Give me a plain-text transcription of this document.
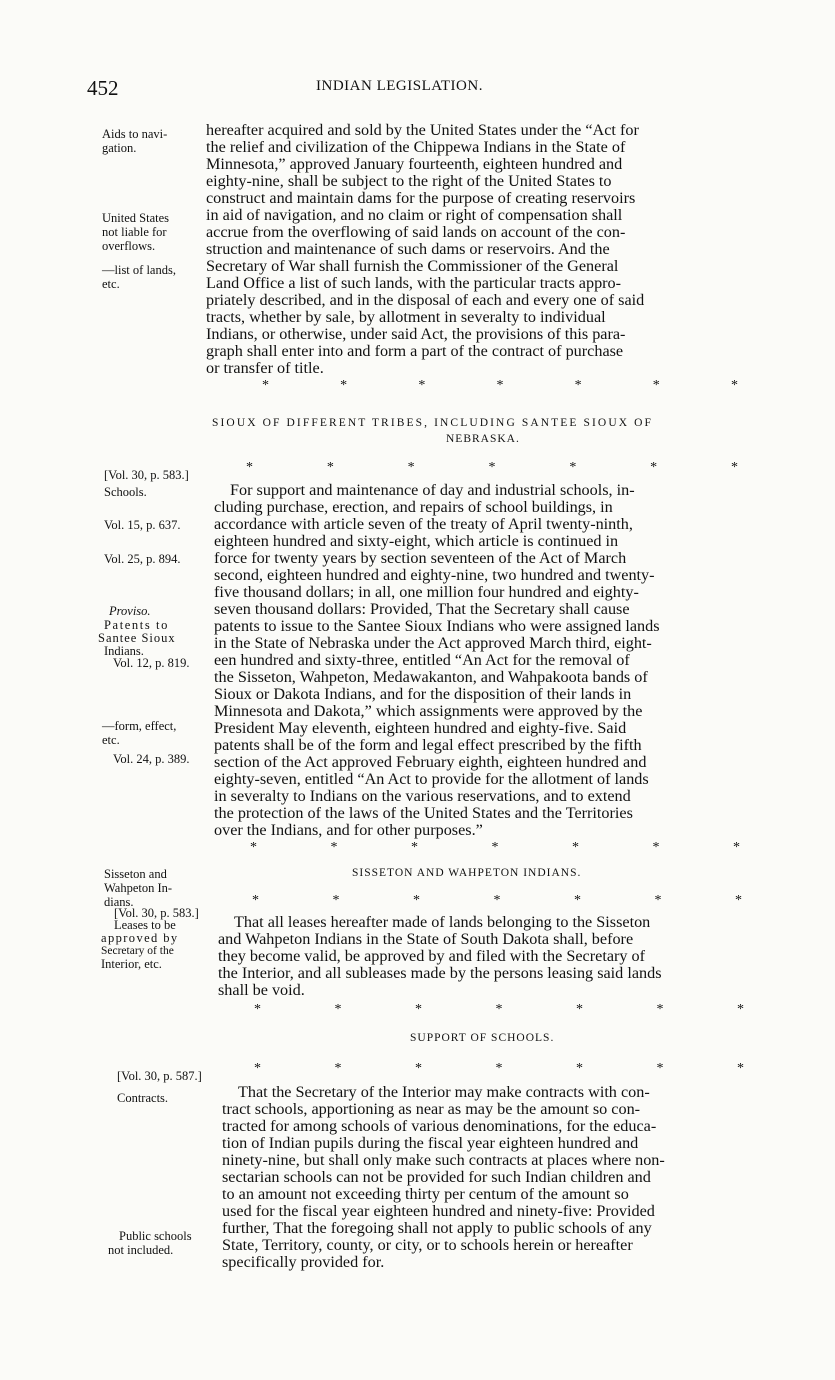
452	INDIAN LEGISLATION.
Aids to navi-
gation.
United States
not liable for
overflows.
—list of lands,
etc.
[Vol. 30, p. 583.]
Schools.
Vol. 15, p. 637.
Vol. 25, p. 894.
Proviso.
Patents to
Santee Sioux
Indians.
Vol. 12, p. 819.
—form, effect,
etc.
Vol. 24, p. 389.
Sisseton and
Wahpeton In-
dians.
[Vol. 30, p. 583.]
Leases to be
approved by
Secretary of the
Interior, etc.
[Vol. 30, p. 587.]
Contracts.
Public schools
not included.
hereafter acquired and sold by the United States under the “Act for
the relief and civilization of the Chippewa Indians in the State of
Minnesota,” approved January fourteenth, eighteen hundred and
eighty-nine, shall be subject to the right of the United States to
construct and maintain dams for the purpose of creating reservoirs
in aid of navigation, and no claim or right of compensation shall
accrue from the overflowing of said lands on account of the con-
struction and maintenance of such dams or reservoirs. And the
Secretary of War shall furnish the Commissioner of the General
Land Office a list of such lands, with the particular tracts appro-
priately described, and in the disposal of each and every one of said
tracts, whether by sale, by allotment in severalty to individual
Indians, or otherwise, under said Act, the provisions of this para-
graph shall enter into and form a part of the contract of purchase
or transfer of title.
*	*	*	*	*	*	*
SIOUX OF DIFFERENT TRIBES, INCLUDING SANTEE SIOUX OF
NEBRASKA.
*	*	*	*	*	*	*
For support and maintenance of day and industrial schools, in-
cluding purchase, erection, and repairs of school buildings, in
accordance with article seven of the treaty of April twenty-ninth,
eighteen hundred and sixty-eight, which article is continued in
force for twenty years by section seventeen of the Act of March
second, eighteen hundred and eighty-nine, two hundred and twenty-
five thousand dollars; in all, one million four hundred and eighty-
seven thousand dollars: Provided, That the Secretary shall cause
patents to issue to the Santee Sioux Indians who were assigned lands
in the State of Nebraska under the Act approved March third, eight-
een hundred and sixty-three, entitled “An Act for the removal of
the Sisseton, Wahpeton, Medawakanton, and Wahpakoota bands of
Sioux or Dakota Indians, and for the disposition of their lands in
Minnesota and Dakota,” which assignments were approved by the
President May eleventh, eighteen hundred and eighty-five. Said
patents shall be of the form and legal effect prescribed by the fifth
section of the Act approved February eighth, eighteen hundred and
eighty-seven, entitled “An Act to provide for the allotment of lands
in severalty to Indians on the various reservations, and to extend
the protection of the laws of the United States and the Territories
over the Indians, and for other purposes.”
*	*	*	*	*	*	*
SISSETON AND WAHPETON INDIANS.
*	*	*	*	*	*	*
That all leases hereafter made of lands belonging to the Sisseton
and Wahpeton Indians in the State of South Dakota shall, before
they become valid, be approved by and filed with the Secretary of
the Interior, and all subleases made by the persons leasing said lands
shall be void.
*	*	*	*	*	*	*
SUPPORT OF SCHOOLS.
*	*	*	*	*	*	*
That the Secretary of the Interior may make contracts with con-
tract schools, apportioning as near as may be the amount so con-
tracted for among schools of various denominations, for the educa-
tion of Indian pupils during the fiscal year eighteen hundred and
ninety-nine, but shall only make such contracts at places where non-
sectarian schools can not be provided for such Indian children and
to an amount not exceeding thirty per centum of the amount so
used for the fiscal year eighteen hundred and ninety-five: Provided
further, That the foregoing shall not apply to public schools of any
State, Territory, county, or city, or to schools herein or hereafter
specifically provided for.
